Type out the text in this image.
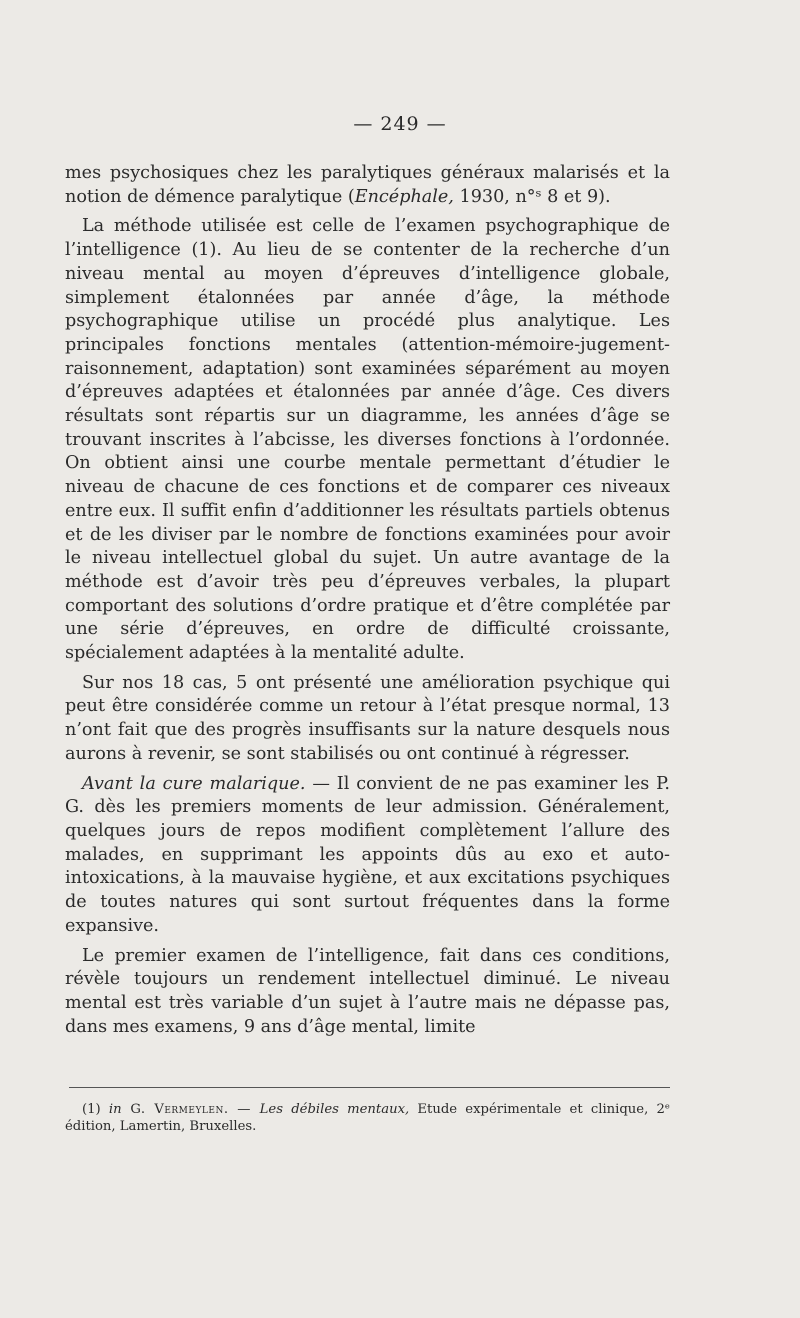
— 249 —

mes psychosiques chez les paralytiques généraux malarisés et la notion de démence paralytique (Encéphale, 1930, n°ˢ 8 et 9).

La méthode utilisée est celle de l’examen psychographique de l’intelligence (1). Au lieu de se contenter de la recherche d’un niveau mental au moyen d’épreuves d’intelligence globale, simplement étalonnées par année d’âge, la méthode psychographique utilise un procédé plus analytique. Les principales fonctions mentales (attention-mémoire-jugement-raisonnement, adaptation) sont examinées séparément au moyen d’épreuves adaptées et étalonnées par année d’âge. Ces divers résultats sont répartis sur un diagramme, les années d’âge se trouvant inscrites à l’abcisse, les diverses fonctions à l’ordonnée. On obtient ainsi une courbe mentale permettant d’étudier le niveau de chacune de ces fonctions et de comparer ces niveaux entre eux. Il suffit enfin d’additionner les résultats partiels obtenus et de les diviser par le nombre de fonctions examinées pour avoir le niveau intellectuel global du sujet. Un autre avantage de la méthode est d’avoir très peu d’épreuves verbales, la plupart comportant des solutions d’ordre pratique et d’être complétée par une série d’épreuves, en ordre de difficulté croissante, spécialement adaptées à la mentalité adulte.

Sur nos 18 cas, 5 ont présenté une amélioration psychique qui peut être considérée comme un retour à l’état presque normal, 13 n’ont fait que des progrès insuffisants sur la nature desquels nous aurons à revenir, se sont stabilisés ou ont continué à régresser.

Avant la cure malarique. — Il convient de ne pas examiner les P. G. dès les premiers moments de leur admission. Généralement, quelques jours de repos modifient complètement l’allure des malades, en supprimant les appoints dûs au exo et auto-intoxications, à la mauvaise hygiène, et aux excitations psychiques de toutes natures qui sont surtout fréquentes dans la forme expansive.

Le premier examen de l’intelligence, fait dans ces conditions, révèle toujours un rendement intellectuel diminué. Le niveau mental est très variable d’un sujet à l’autre mais ne dépasse pas, dans mes examens, 9 ans d’âge mental, limite

(1) in G. Vermeylen. — Les débiles mentaux, Etude expérimentale et clinique, 2ᵉ édition, Lamertin, Bruxelles.
